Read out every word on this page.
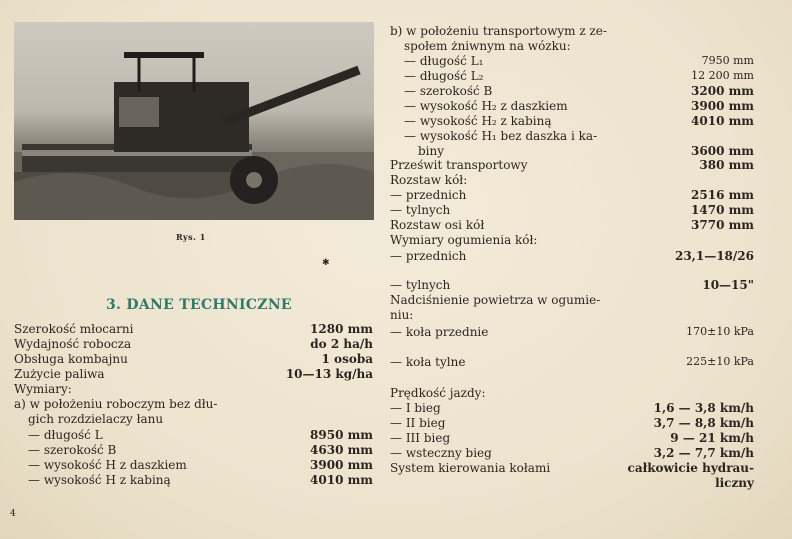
Rys. 1
✱
3. DANE TECHNICZNE
Szerokość młocarni	1280 mm
Wydajność robocza	do 2 ha/h
Obsługa kombajnu	1 osoba
Zużycie paliwa	10—13 kg/ha
Wymiary:
a) w położeniu roboczym bez dłu-
gich rozdzielaczy łanu
— długość L	8950 mm
— szerokość B	4630 mm
— wysokość H z daszkiem	3900 mm
— wysokość H z kabiną	4010 mm
b) w położeniu transportowym z ze-
społem żniwnym na wózku:
— długość L₁	7950 mm
— długość L₂	12 200 mm
— szerokość B	3200 mm
— wysokość H₂ z daszkiem	3900 mm
— wysokość H₂ z kabiną	4010 mm
— wysokość H₁ bez daszka i ka-
biny	3600 mm
Prześwit transportowy	380 mm
Rozstaw kół:
— przednich	2516 mm
— tylnych	1470 mm
Rozstaw osi kół	3770 mm
Wymiary ogumienia kół:
— przednich	23,1—18/26
— tylnych	10—15"
Nadciśnienie powietrza w ogumie-
niu:
— koła przednie	170±10 kPa
— koła tylne	225±10 kPa
Prędkość jazdy:
— I bieg	1,6 — 3,8 km/h
— II bieg	3,7 — 8,8 km/h
— III bieg	9 — 21 km/h
— wsteczny bieg	3,2 — 7,7 km/h
System kierowania kołami	całkowicie hydrau-
liczny
4
